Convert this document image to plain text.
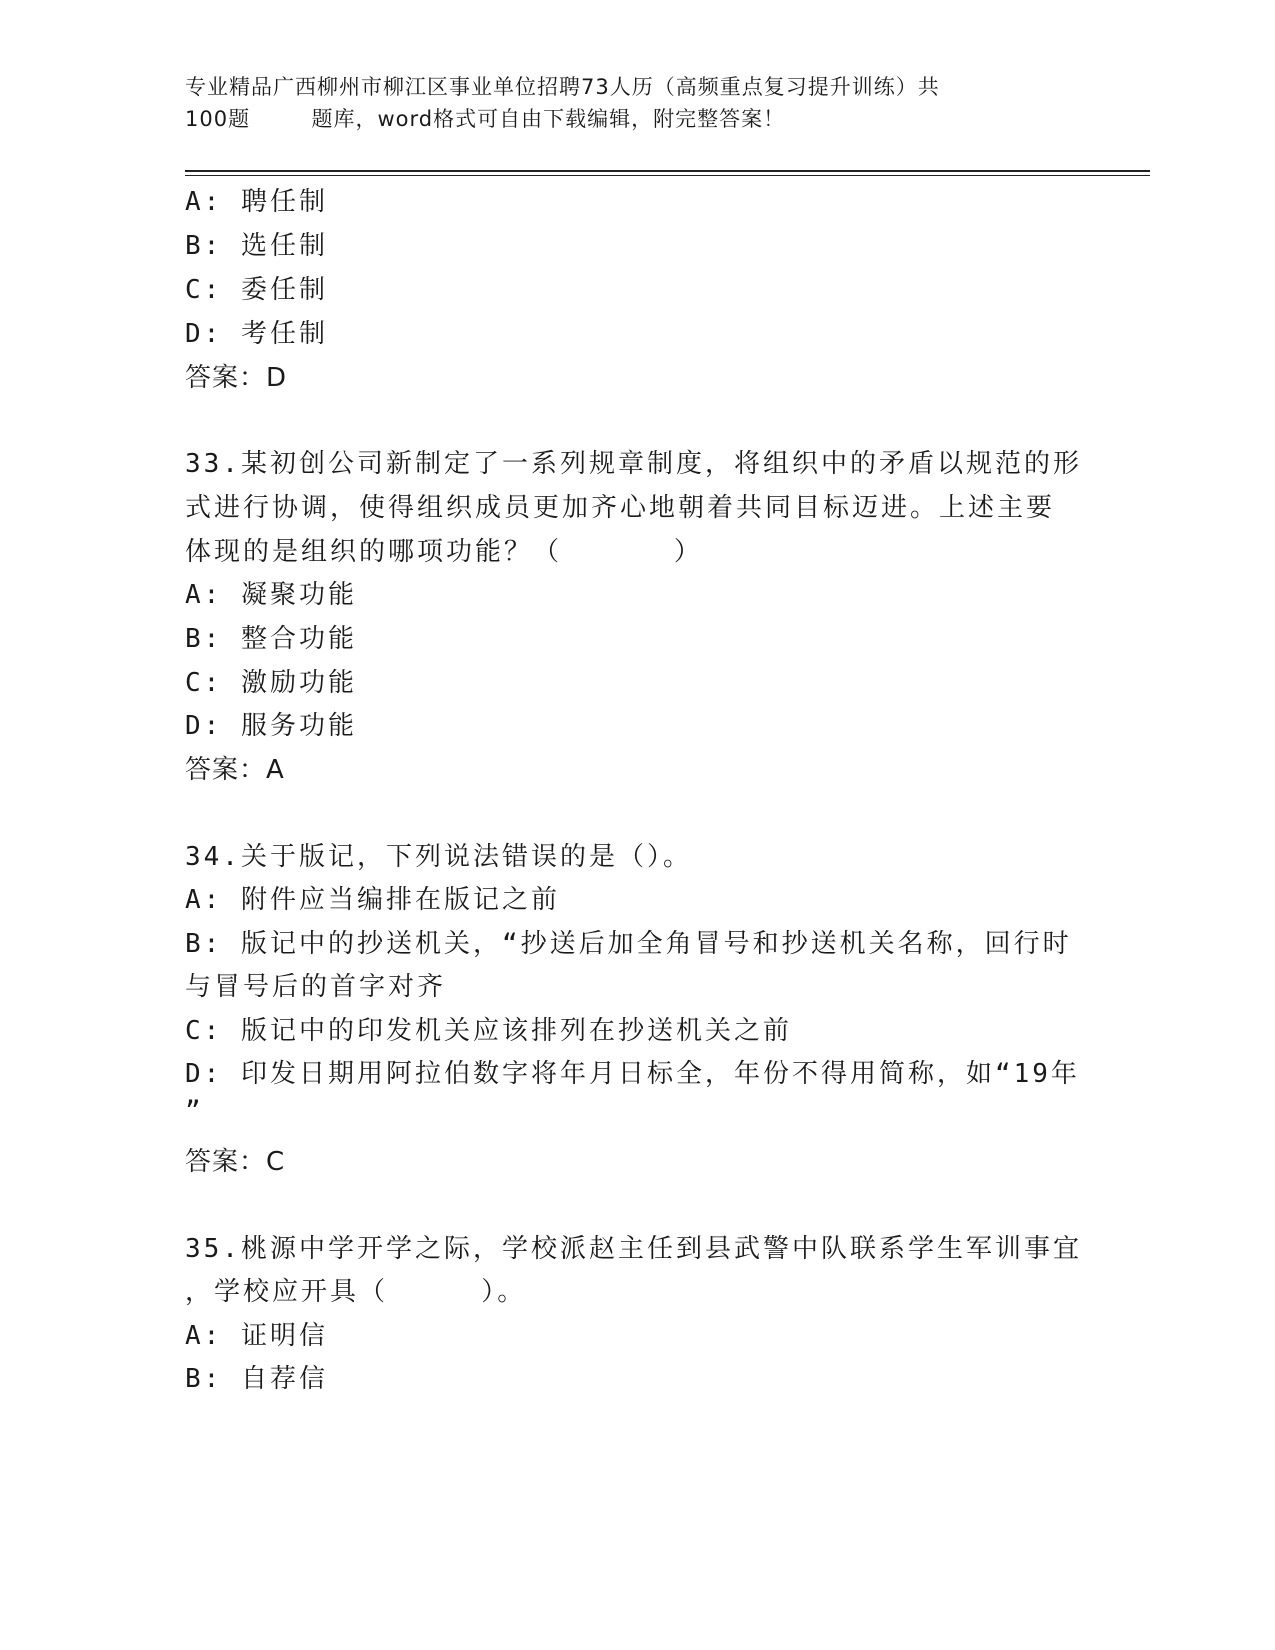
专业精品广西柳州市柳江区事业单位招聘73人历（高频重点复习提升训练）共
100题        题库，word格式可自由下载编辑，附完整答案！
A: 聘任制
B: 选任制
C: 委任制
D: 考任制
答案：D
33.某初创公司新制定了一系列规章制度，将组织中的矛盾以规范的形
式进行协调，使得组织成员更加齐心地朝着共同目标迈进。上述主要
体现的是组织的哪项功能？（      ）
A: 凝聚功能
B: 整合功能
C: 激励功能
D: 服务功能
答案：A
34.关于版记，下列说法错误的是（）。
A: 附件应当编排在版记之前
B: 版记中的抄送机关，“抄送后加全角冒号和抄送机关名称，回行时
与冒号后的首字对齐
C: 版记中的印发机关应该排列在抄送机关之前
D: 印发日期用阿拉伯数字将年月日标全，年份不得用简称，如“19年
”
答案：C
35.桃源中学开学之际，学校派赵主任到县武警中队联系学生军训事宜
，学校应开具（     ）。
A: 证明信
B: 自荐信
